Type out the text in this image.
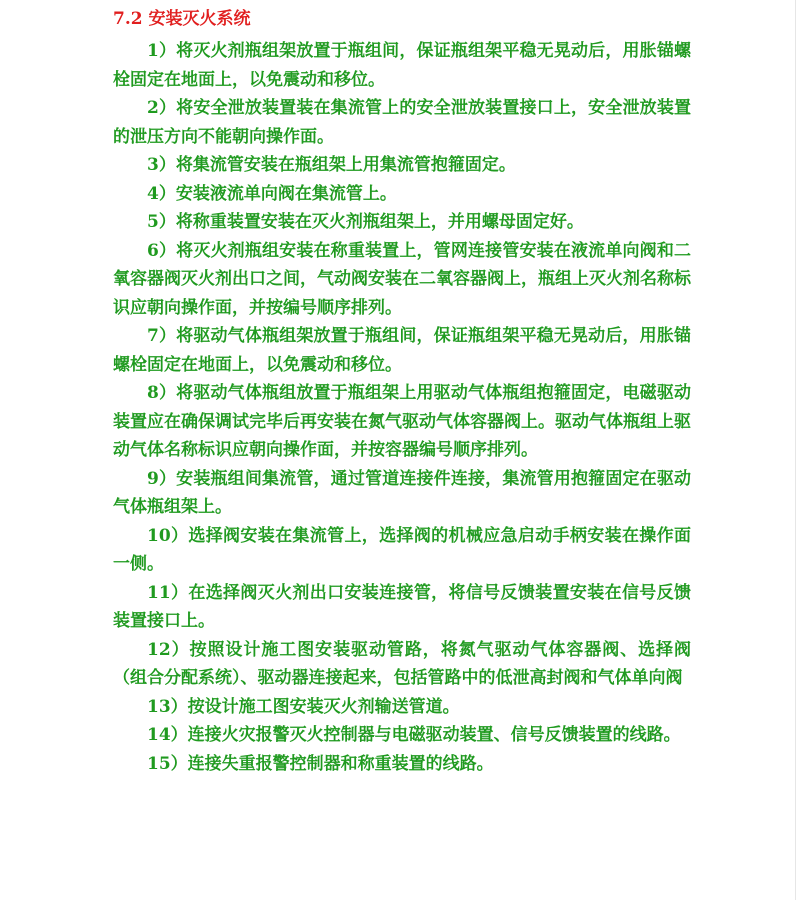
7.2 安装灭火系统
1）将灭火剂瓶组架放置于瓶组间，保证瓶组架平稳无晃动后，用胀锚螺栓固定在地面上，以免震动和移位。
2）将安全泄放装置装在集流管上的安全泄放装置接口上，安全泄放装置的泄压方向不能朝向操作面。
3）将集流管安装在瓶组架上用集流管抱箍固定。
4）安装液流单向阀在集流管上。
5）将称重装置安装在灭火剂瓶组架上，并用螺母固定好。
6）将灭火剂瓶组安装在称重装置上，管网连接管安装在液流单向阀和二氧容器阀灭火剂出口之间，气动阀安装在二氧容器阀上，瓶组上灭火剂名称标识应朝向操作面，并按编号顺序排列。
7）将驱动气体瓶组架放置于瓶组间，保证瓶组架平稳无晃动后，用胀锚螺栓固定在地面上，以免震动和移位。
8）将驱动气体瓶组放置于瓶组架上用驱动气体瓶组抱箍固定，电磁驱动装置应在确保调试完毕后再安装在氮气驱动气体容器阀上。驱动气体瓶组上驱动气体名称标识应朝向操作面，并按容器编号顺序排列。
9）安装瓶组间集流管，通过管道连接件连接，集流管用抱箍固定在驱动气体瓶组架上。
10）选择阀安装在集流管上，选择阀的机械应急启动手柄安装在操作面一侧。
11）在选择阀灭火剂出口安装连接管，将信号反馈装置安装在信号反馈装置接口上。
12）按照设计施工图安装驱动管路，将氮气驱动气体容器阀、选择阀（组合分配系统）、驱动器连接起来，包括管路中的低泄高封阀和气体单向阀
13）按设计施工图安装灭火剂输送管道。
14）连接火灾报警灭火控制器与电磁驱动装置、信号反馈装置的线路。
15）连接失重报警控制器和称重装置的线路。
